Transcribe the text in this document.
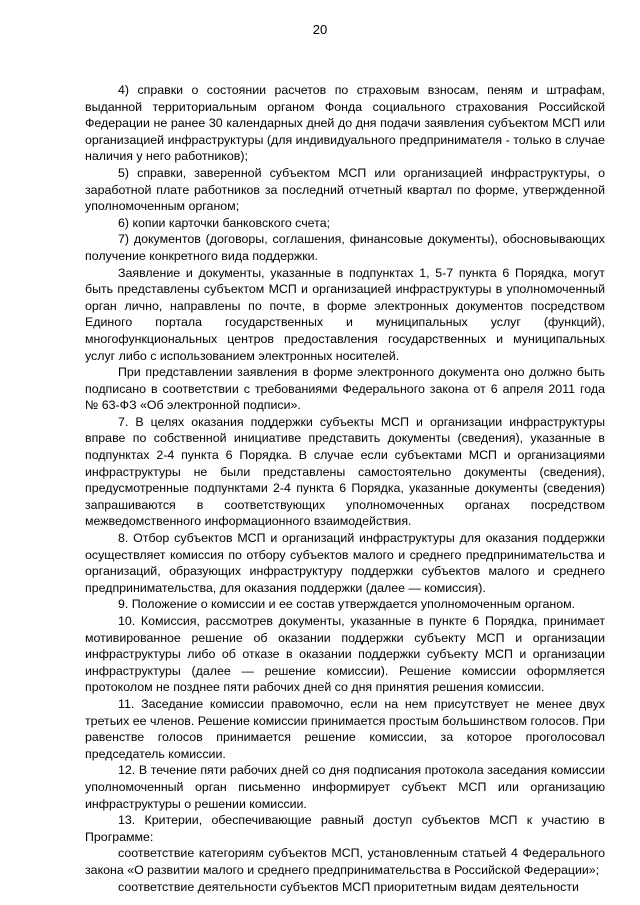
20

4) справки о состоянии расчетов по страховым взносам, пеням и штрафам, выданной территориальным органом Фонда социального страхования Российской Федерации не ранее 30 календарных дней до дня подачи заявления субъектом МСП или организацией инфраструктуры (для индивидуального предпринимателя - только в случае наличия у него работников);

5) справки, заверенной субъектом МСП или организацией инфраструктуры, о заработной плате работников за последний отчетный квартал по форме, утвержденной уполномоченным органом;

6) копии карточки банковского счета;

7) документов (договоры, соглашения, финансовые документы), обосновывающих получение конкретного вида поддержки.

Заявление и документы, указанные в подпунктах 1, 5-7 пункта 6 Порядка, могут быть представлены субъектом МСП и организацией инфраструктуры в уполномоченный орган лично, направлены по почте, в форме электронных документов посредством Единого портала государственных и муниципальных услуг (функций), многофункциональных центров предоставления государственных и муниципальных услуг либо с использованием электронных носителей.

При представлении заявления в форме электронного документа оно должно быть подписано в соответствии с требованиями Федерального закона от 6 апреля 2011 года № 63-ФЗ «Об электронной подписи».

7. В целях оказания поддержки субъекты МСП и организации инфраструктуры вправе по собственной инициативе представить документы (сведения), указанные в подпунктах 2-4 пункта 6 Порядка. В случае если субъектами МСП и организациями инфраструктуры не были представлены самостоятельно документы (сведения), предусмотренные подпунктами 2-4 пункта 6 Порядка, указанные документы (сведения) запрашиваются в соответствующих уполномоченных органах посредством межведомственного информационного взаимодействия.

8. Отбор субъектов МСП и организаций инфраструктуры для оказания поддержки осуществляет комиссия по отбору субъектов малого и среднего предпринимательства и организаций, образующих инфраструктуру поддержки субъектов малого и среднего предпринимательства, для оказания поддержки (далее — комиссия).

9. Положение о комиссии и ее состав утверждается уполномоченным органом.

10. Комиссия, рассмотрев документы, указанные в пункте 6 Порядка, принимает мотивированное решение об оказании поддержки субъекту МСП и организации инфраструктуры либо об отказе в оказании поддержки субъекту МСП и организации инфраструктуры (далее — решение комиссии). Решение комиссии оформляется протоколом не позднее пяти рабочих дней со дня принятия решения комиссии.

11. Заседание комиссии правомочно, если на нем присутствует не менее двух третьих ее членов. Решение комиссии принимается простым большинством голосов. При равенстве голосов принимается решение комиссии, за которое проголосовал председатель комиссии.

12. В течение пяти рабочих дней со дня подписания протокола заседания комиссии уполномоченный орган письменно информирует субъект МСП или организацию инфраструктуры о решении комиссии.

13. Критерии, обеспечивающие равный доступ субъектов МСП к участию в Программе:

соответствие категориям субъектов МСП, установленным статьей 4 Федерального закона «О развитии малого и среднего предпринимательства в Российской Федерации»;

соответствие деятельности субъектов МСП приоритетным видам деятельности
